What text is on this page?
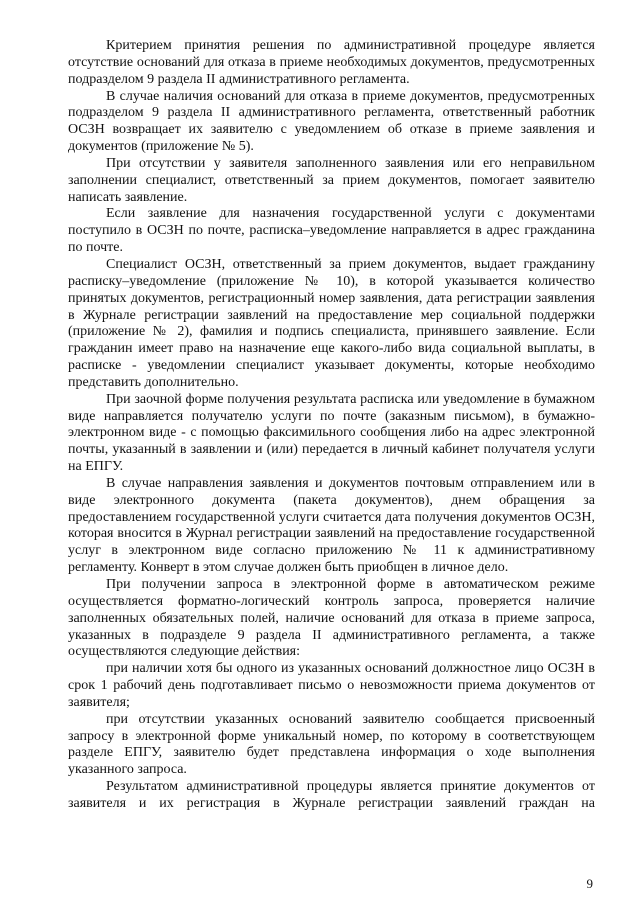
Критерием принятия решения по административной процедуре является отсутствие оснований для отказа в приеме необходимых документов, предусмотренных подразделом 9 раздела II административного регламента.

В случае наличия оснований для отказа в приеме документов, предусмотренных подразделом 9 раздела II административного регламента, ответственный работник ОСЗН возвращает их заявителю с уведомлением об отказе в приеме заявления и документов (приложение № 5).

При отсутствии у заявителя заполненного заявления или его неправильном заполнении специалист, ответственный за прием документов, помогает заявителю написать заявление.

Если заявление для назначения государственной услуги с документами поступило в ОСЗН по почте, расписка–уведомление направляется в адрес гражданина по почте.

Специалист ОСЗН, ответственный за прием документов, выдает гражданину расписку–уведомление (приложение № 10), в которой указывается количество принятых документов, регистрационный номер заявления, дата регистрации заявления в Журнале регистрации заявлений на предоставление мер социальной поддержки (приложение № 2), фамилия и подпись специалиста, принявшего заявление. Если гражданин имеет право на назначение еще какого-либо вида социальной выплаты, в расписке - уведомлении специалист указывает документы, которые необходимо представить дополнительно.

При заочной форме получения результата расписка или уведомление в бумажном виде направляется получателю услуги по почте (заказным письмом), в бумажно-электронном виде - с помощью факсимильного сообщения либо на адрес электронной почты, указанный в заявлении и (или) передается в личный кабинет получателя услуги на ЕПГУ.

В случае направления заявления и документов почтовым отправлением или в виде электронного документа (пакета документов), днем обращения за предоставлением государственной услуги считается дата получения документов ОСЗН, которая вносится в Журнал регистрации заявлений на предоставление государственной услуг в электронном виде согласно приложению № 11 к административному регламенту. Конверт в этом случае должен быть приобщен в личное дело.

При получении запроса в электронной форме в автоматическом режиме осуществляется форматно-логический контроль запроса, проверяется наличие заполненных обязательных полей, наличие оснований для отказа в приеме запроса, указанных в подразделе 9 раздела II административного регламента, а также осуществляются следующие действия:

при наличии хотя бы одного из указанных оснований должностное лицо ОСЗН в срок 1 рабочий день подготавливает письмо о невозможности приема документов от заявителя;

при отсутствии указанных оснований заявителю сообщается присвоенный запросу в электронной форме уникальный номер, по которому в соответствующем разделе ЕПГУ, заявителю будет представлена информация о ходе выполнения указанного запроса.

Результатом административной процедуры является принятие документов от заявителя и их регистрация в Журнале регистрации заявлений граждан на

9
